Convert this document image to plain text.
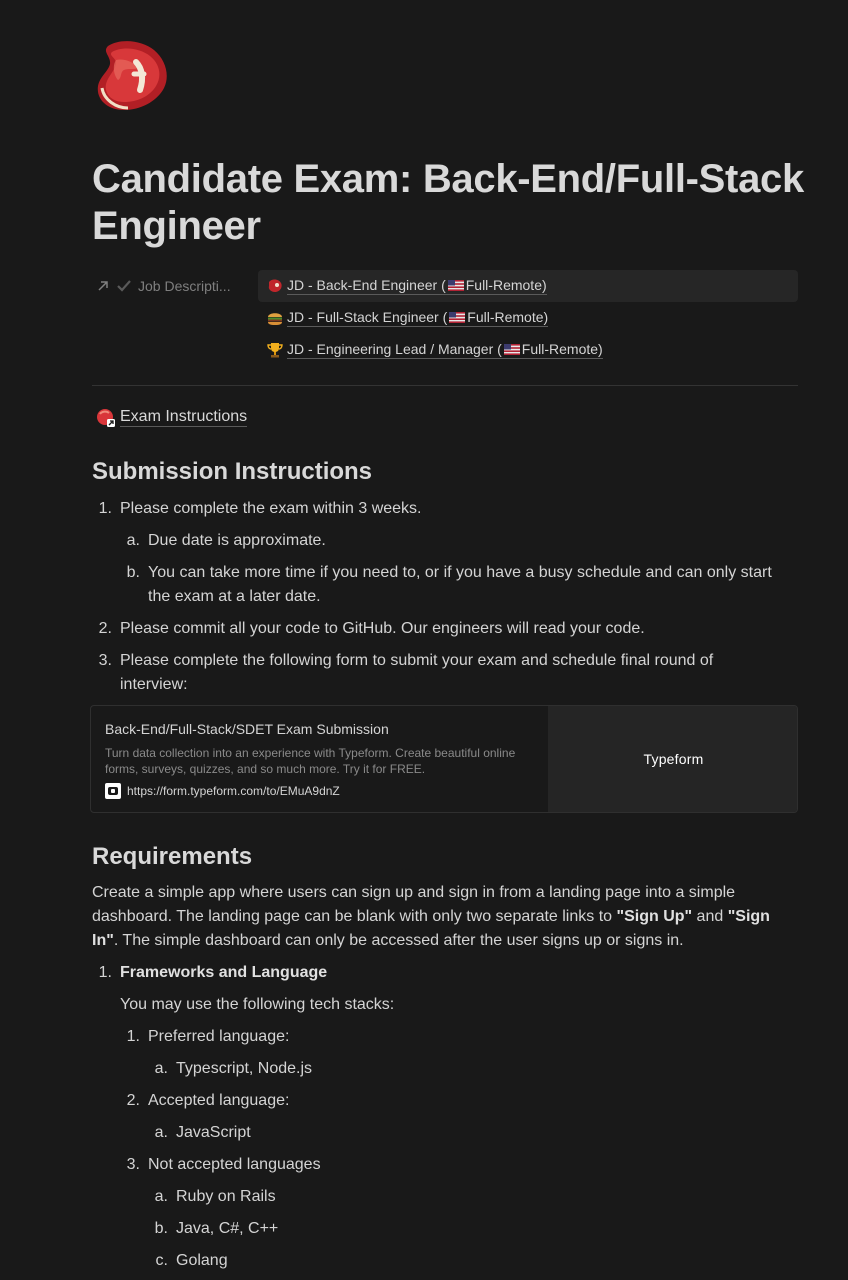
Candidate Exam: Back-End/Full-Stack Engineer
Job Descripti...	JD - Back-End Engineer ( Full-Remote)
JD - Full-Stack Engineer ( Full-Remote)
JD - Engineering Lead / Manager ( Full-Remote)
Exam Instructions
Submission Instructions
1. Please complete the exam within 3 weeks.
a. Due date is approximate.
b. You can take more time if you need to, or if you have a busy schedule and can only start
the exam at a later date.
2. Please commit all your code to GitHub. Our engineers will read your code.
3. Please complete the following form to submit your exam and schedule final round of
interview:
Back-End/Full-Stack/SDET Exam Submission
Turn data collection into an experience with Typeform. Create beautiful online forms, surveys, quizzes, and so much more. Try it for FREE.
https://form.typeform.com/to/EMuA9dnZ
Typeform
Requirements
Create a simple app where users can sign up and sign in from a landing page into a simple dashboard. The landing page can be blank with only two separate links to "Sign Up" and "Sign In". The simple dashboard can only be accessed after the user signs up or signs in.
1. Frameworks and Language
You may use the following tech stacks:
1. Preferred language:
a. Typescript, Node.js
2. Accepted language:
a. JavaScript
3. Not accepted languages
a. Ruby on Rails
b. Java, C#, C++
c. Golang
